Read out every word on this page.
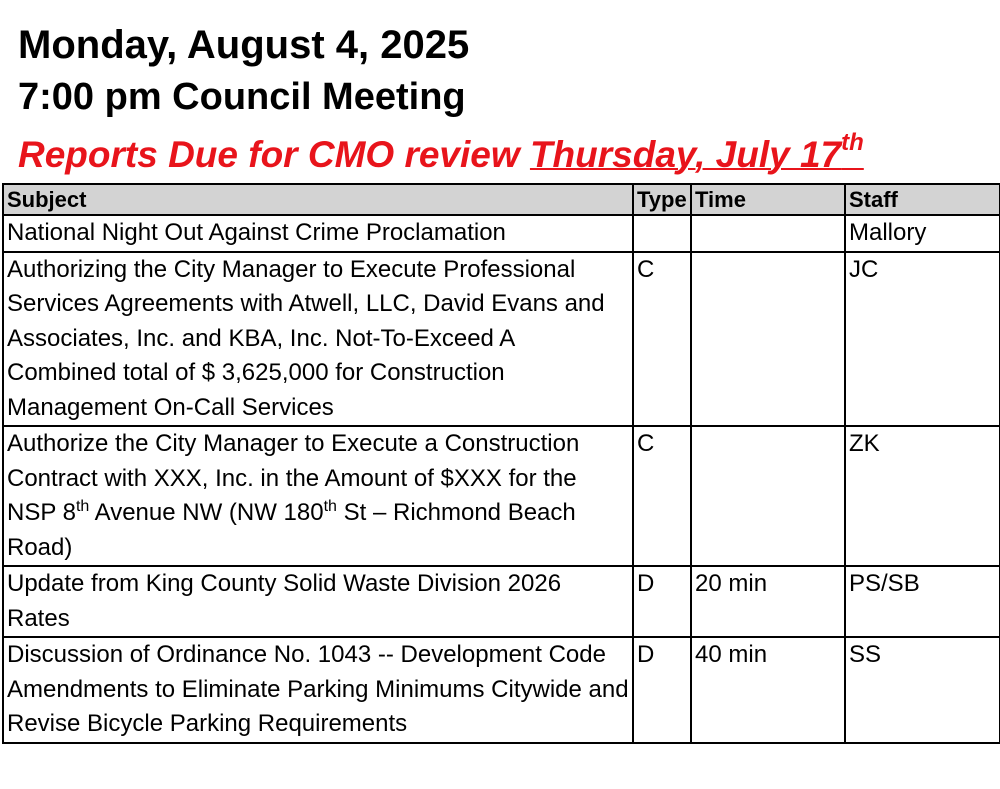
Monday, August 4, 2025
7:00 pm Council Meeting
Reports Due for CMO review Thursday, July 17th
Subject	Type	Time	Staff
National Night Out Against Crime Proclamation			Mallory
Authorizing the City Manager to Execute Professional Services Agreements with Atwell, LLC, David Evans and Associates, Inc. and KBA, Inc. Not-To-Exceed A Combined total of $ 3,625,000 for Construction Management On-Call Services	C		JC
Authorize the City Manager to Execute a Construction Contract with XXX, Inc. in the Amount of $XXX for the NSP 8th Avenue NW (NW 180th St – Richmond Beach Road)	C		ZK
Update from King County Solid Waste Division 2026 Rates	D	20 min	PS/SB
Discussion of Ordinance No. 1043 -- Development Code Amendments to Eliminate Parking Minimums Citywide and Revise Bicycle Parking Requirements	D	40 min	SS
